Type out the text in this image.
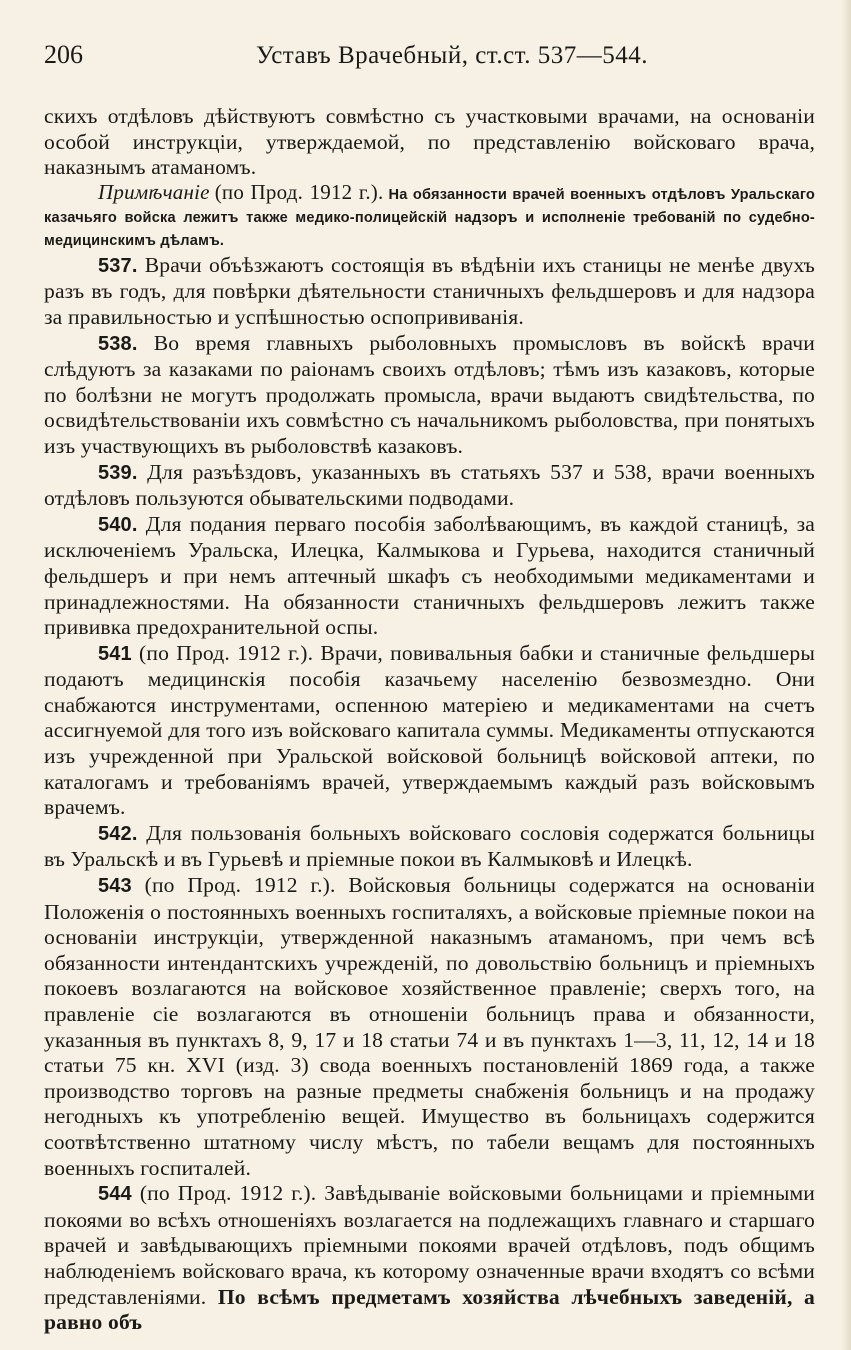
206	Уставъ Врачебный, ст.ст. 537—544.

скихъ отдѣловъ дѣйствуютъ совмѣстно съ участковыми врачами, на основаніи особой инструкціи, утверждаемой, по представленію войсковаго врача, наказнымъ атаманомъ.

Примѣчаніе (по Прод. 1912 г.). На обязанности врачей военныхъ отдѣловъ Уральскаго казачьяго войска лежитъ также медико-полицейскій надзоръ и исполненіе требованій по судебно-медицинскимъ дѣламъ.

537. Врачи объѣзжаютъ состоящія въ вѣдѣніи ихъ станицы не менѣе двухъ разъ въ годъ, для повѣрки дѣятельности станичныхъ фельдшеровъ и для надзора за правильностью и успѣшностью оспопрививанія.

538. Во время главныхъ рыболовныхъ промысловъ въ войскѣ врачи слѣдуютъ за казаками по раіонамъ своихъ отдѣловъ; тѣмъ изъ казаковъ, которые по болѣзни не могутъ продолжать промысла, врачи выдаютъ свидѣтельства, по освидѣтельствованіи ихъ совмѣстно съ начальникомъ рыболовства, при понятыхъ изъ участвующихъ въ рыболовствѣ казаковъ.

539. Для разъѣздовъ, указанныхъ въ статьяхъ 537 и 538, врачи военныхъ отдѣловъ пользуются обывательскими подводами.

540. Для подания перваго пособія заболѣвающимъ, въ каждой станицѣ, за исключеніемъ Уральска, Илецка, Калмыкова и Гурьева, находится станичный фельдшеръ и при немъ аптечный шкафъ съ необходимыми медикаментами и принадлежностями. На обязанности станичныхъ фельдшеровъ лежитъ также прививка предохранительной оспы.

541 (по Прод. 1912 г.). Врачи, повивальныя бабки и станичные фельдшеры подаютъ медицинскія пособія казачьему населенію безвозмездно. Они снабжаются инструментами, оспенною матеріею и медикаментами на счетъ ассигнуемой для того изъ войсковаго капитала суммы. Медикаменты отпускаются изъ учрежденной при Уральской войсковой больницѣ войсковой аптеки, по каталогамъ и требованіямъ врачей, утверждаемымъ каждый разъ войсковымъ врачемъ.

542. Для пользованія больныхъ войсковаго сословія содержатся больницы въ Уральскѣ и въ Гурьевѣ и пріемные покои въ Калмыковѣ и Илецкѣ.

543 (по Прод. 1912 г.). Войсковыя больницы содержатся на основаніи Положенія о постоянныхъ военныхъ госпиталяхъ, а войсковые пріемные покои на основаніи инструкціи, утвержденной наказнымъ атаманомъ, при чемъ всѣ обязанности интендантскихъ учрежденій, по довольствію больницъ и пріемныхъ покоевъ возлагаются на войсковое хозяйственное правленіе; сверхъ того, на правленіе сіе возлагаются въ отношеніи больницъ права и обязанности, указанныя въ пунктахъ 8, 9, 17 и 18 статьи 74 и въ пунктахъ 1—3, 11, 12, 14 и 18 статьи 75 кн. XVI (изд. 3) свода военныхъ постановленій 1869 года, а также производство торговъ на разные предметы снабженія больницъ и на продажу негодныхъ къ употребленію вещей. Имущество въ больницахъ содержится соотвѣтственно штатному числу мѣстъ, по табели вещамъ для постоянныхъ военныхъ госпиталей.

544 (по Прод. 1912 г.). Завѣдываніе войсковыми больницами и пріемными покоями во всѣхъ отношеніяхъ возлагается на подлежащихъ главнаго и старшаго врачей и завѣдывающихъ пріемными покоями врачей отдѣловъ, подъ общимъ наблюденіемъ войсковаго врача, къ которому означенные врачи входятъ со всѣми представленіями. По всѣмъ предметамъ хозяйства лѣчебныхъ заведеній, а равно объ
